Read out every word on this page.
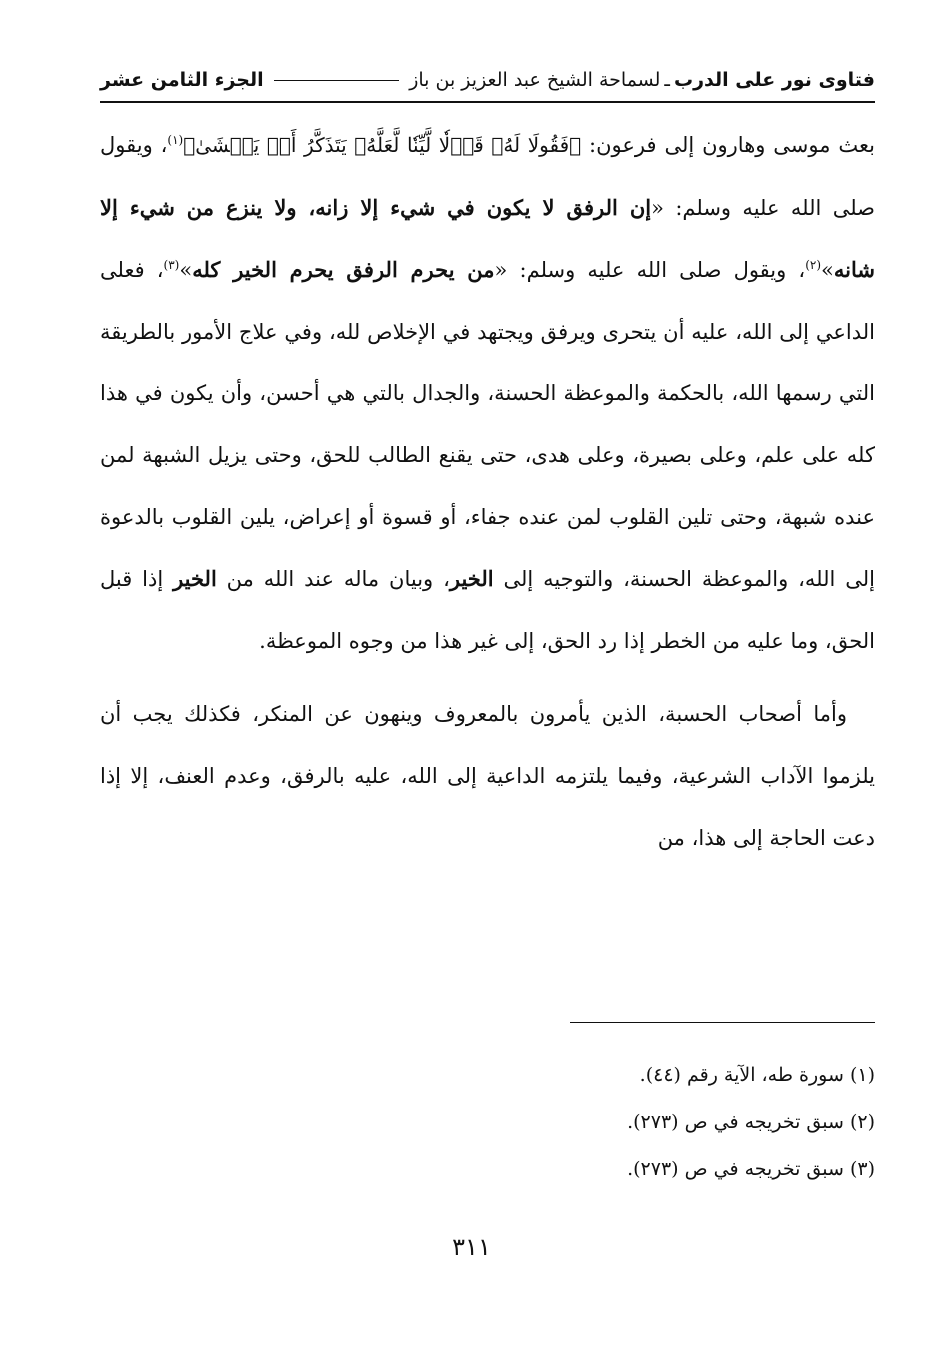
فتاوى نور على الدرب
ـ
لسماحة الشيخ عبد العزيز بن باز
الجزء الثامن عشر

بعث موسى وهارون إلى فرعون: ﴿فَقُولَا لَهُۥ قَوۡلٗا لَّيِّنٗا لَّعَلَّهُۥ يَتَذَكَّرُ أَوۡ يَخۡشَىٰ﴾$^{(١)}$، ويقول صلى الله عليه وسلم: «إن الرفق لا يكون في شيء إلا زانه، ولا ينزع من شيء إلا شانه»$^{(٢)}$، ويقول صلى الله عليه وسلم: «من يحرم الرفق يحرم الخير كله»$^{(٣)}$، فعلى الداعي إلى الله، عليه أن يتحرى ويرفق ويجتهد في الإخلاص لله، وفي علاج الأمور بالطريقة التي رسمها الله، بالحكمة والموعظة الحسنة، والجدال بالتي هي أحسن، وأن يكون في هذا كله على علم، وعلى بصيرة، وعلى هدى، حتى يقنع الطالب للحق، وحتى يزيل الشبهة لمن عنده شبهة، وحتى تلين القلوب لمن عنده جفاء، أو قسوة أو إعراض، يلين القلوب بالدعوة إلى الله، والموعظة الحسنة، والتوجيه إلى الخير، وبيان ماله عند الله من الخير إذا قبل الحق، وما عليه من الخطر إذا رد الحق، إلى غير هذا من وجوه الموعظة.

وأما أصحاب الحسبة، الذين يأمرون بالمعروف وينهون عن المنكر، فكذلك يجب أن يلزموا الآداب الشرعية، وفيما يلتزمه الداعية إلى الله، عليه بالرفق، وعدم العنف، إلا إذا دعت الحاجة إلى هذا، من

(١) سورة طه، الآية رقم (٤٤).
(٢) سبق تخريجه في ص (٢٧٣).
(٣) سبق تخريجه في ص (٢٧٣).
٣١١
